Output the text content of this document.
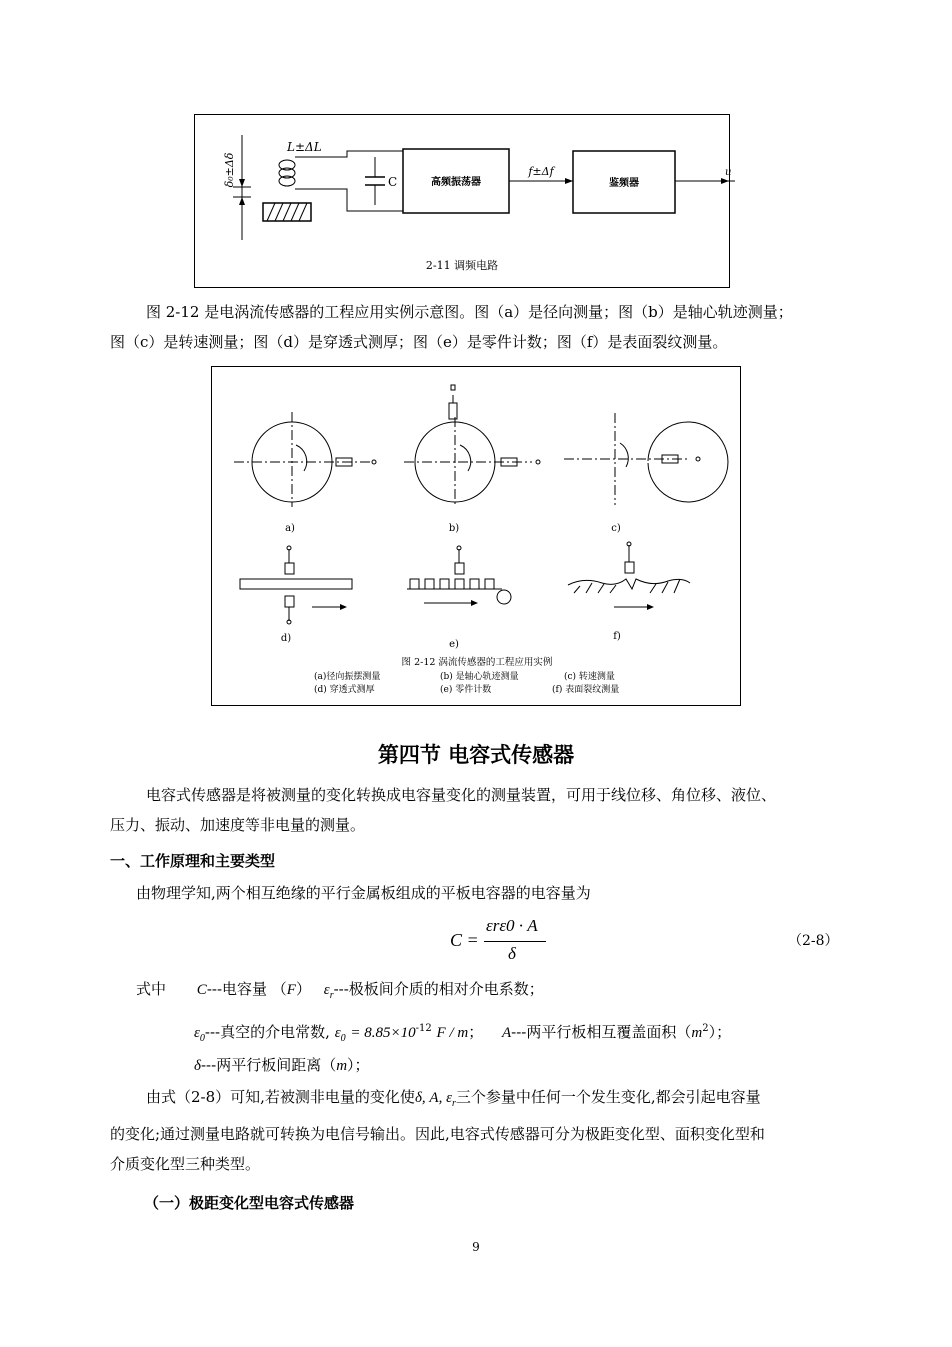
δ₀±Δδ
L±ΔL
C	高频振荡器
f±Δf
鉴频器
u
2-11 调频电路
图 2-12 是电涡流传感器的工程应用实例示意图。图（a）是径向测量；图（b）是轴心轨迹测量；
图（c）是转速测量；图（d）是穿透式测厚；图（e）是零件计数；图（f）是表面裂纹测量。
a)	b)	c)
d)
e)
f)
图 2-12 涡流传感器的工程应用实例
(a)径向振摆测量	(b) 是轴心轨迹测量	(c) 转速测量
(d) 穿透式测厚	(e) 零件计数	(f) 表面裂纹测量
第四节 电容式传感器
电容式传感器是将被测量的变化转换成电容量变化的测量装置，可用于线位移、角位移、液位、
压力、振动、加速度等非电量的测量。
一、工作原理和主要类型
由物理学知,两个相互绝缘的平行金属板组成的平板电容器的电容量为
C =
εrε0 · A
δ
（2-8）
式中 C---电容量 （F） $\varepsilon_r---$极板间介质的相对介电系数；
$\varepsilon_0---$真空的介电常数, $\varepsilon_0 = 8.85\times 10^{-12}$ F / m； A---两平行板相互覆盖面积$(m^2)$；
δ---两平行板间距离（m）；
由式（2-8）可知,若被测非电量的变化使δ, A, $\varepsilon_r$三个参量中任何一个发生变化,都会引起电容量
的变化;通过测量电路就可转换为电信号输出。因此,电容式传感器可分为极距变化型、面积变化型和
介质变化型三种类型。
（一）极距变化型电容式传感器
9
